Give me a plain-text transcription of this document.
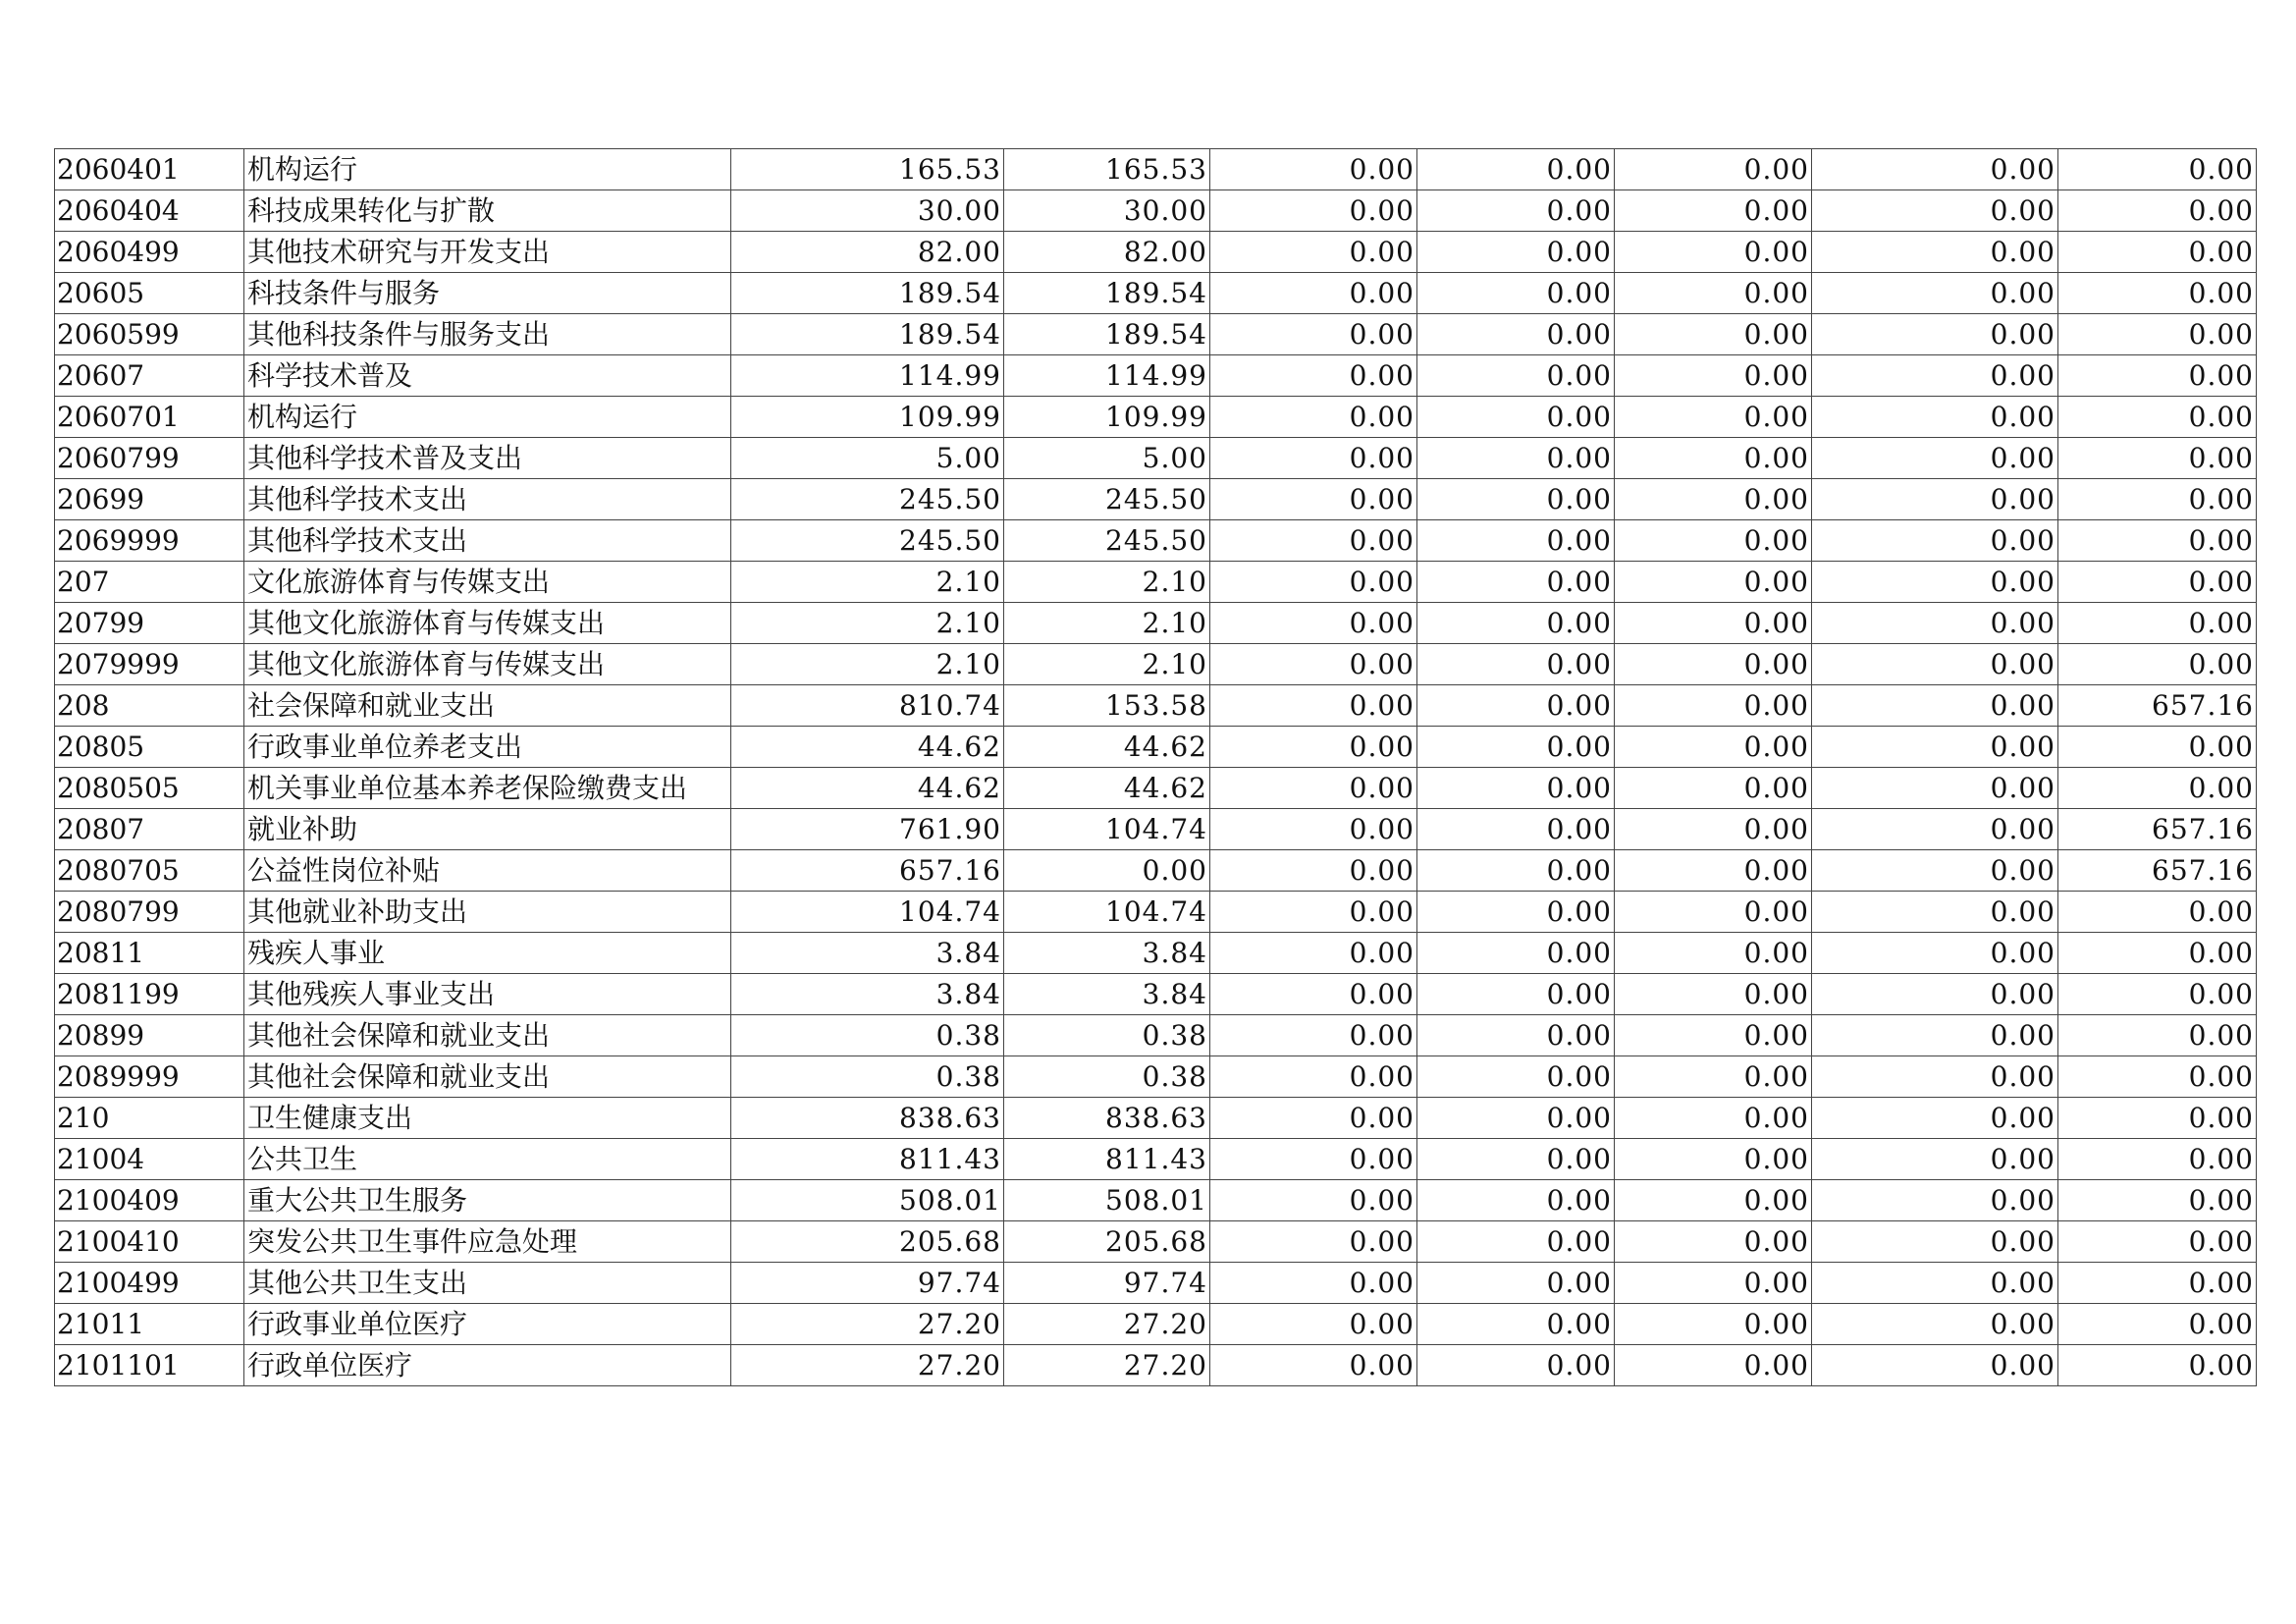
2060401	机构运行	165.53	165.53	0.00	0.00	0.00	0.00	0.00
2060404	科技成果转化与扩散	30.00	30.00	0.00	0.00	0.00	0.00	0.00
2060499	其他技术研究与开发支出	82.00	82.00	0.00	0.00	0.00	0.00	0.00
20605	科技条件与服务	189.54	189.54	0.00	0.00	0.00	0.00	0.00
2060599	其他科技条件与服务支出	189.54	189.54	0.00	0.00	0.00	0.00	0.00
20607	科学技术普及	114.99	114.99	0.00	0.00	0.00	0.00	0.00
2060701	机构运行	109.99	109.99	0.00	0.00	0.00	0.00	0.00
2060799	其他科学技术普及支出	5.00	5.00	0.00	0.00	0.00	0.00	0.00
20699	其他科学技术支出	245.50	245.50	0.00	0.00	0.00	0.00	0.00
2069999	其他科学技术支出	245.50	245.50	0.00	0.00	0.00	0.00	0.00
207	文化旅游体育与传媒支出	2.10	2.10	0.00	0.00	0.00	0.00	0.00
20799	其他文化旅游体育与传媒支出	2.10	2.10	0.00	0.00	0.00	0.00	0.00
2079999	其他文化旅游体育与传媒支出	2.10	2.10	0.00	0.00	0.00	0.00	0.00
208	社会保障和就业支出	810.74	153.58	0.00	0.00	0.00	0.00	657.16
20805	行政事业单位养老支出	44.62	44.62	0.00	0.00	0.00	0.00	0.00
2080505	机关事业单位基本养老保险缴费支出	44.62	44.62	0.00	0.00	0.00	0.00	0.00
20807	就业补助	761.90	104.74	0.00	0.00	0.00	0.00	657.16
2080705	公益性岗位补贴	657.16	0.00	0.00	0.00	0.00	0.00	657.16
2080799	其他就业补助支出	104.74	104.74	0.00	0.00	0.00	0.00	0.00
20811	残疾人事业	3.84	3.84	0.00	0.00	0.00	0.00	0.00
2081199	其他残疾人事业支出	3.84	3.84	0.00	0.00	0.00	0.00	0.00
20899	其他社会保障和就业支出	0.38	0.38	0.00	0.00	0.00	0.00	0.00
2089999	其他社会保障和就业支出	0.38	0.38	0.00	0.00	0.00	0.00	0.00
210	卫生健康支出	838.63	838.63	0.00	0.00	0.00	0.00	0.00
21004	公共卫生	811.43	811.43	0.00	0.00	0.00	0.00	0.00
2100409	重大公共卫生服务	508.01	508.01	0.00	0.00	0.00	0.00	0.00
2100410	突发公共卫生事件应急处理	205.68	205.68	0.00	0.00	0.00	0.00	0.00
2100499	其他公共卫生支出	97.74	97.74	0.00	0.00	0.00	0.00	0.00
21011	行政事业单位医疗	27.20	27.20	0.00	0.00	0.00	0.00	0.00
2101101	行政单位医疗	27.20	27.20	0.00	0.00	0.00	0.00	0.00
